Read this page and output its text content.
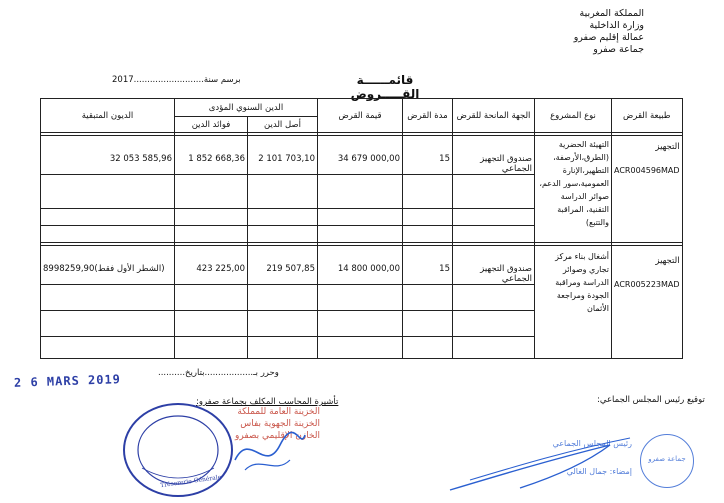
المملكة المغربية
وزارة الداخلية
عمالة إقليم صفرو
جماعة صفرو
برسم سنة..........................2017	قائمــــــة القـــــروض
الديون المتبقية	الدين السنوي المؤدى		قيمة القرض	مدة القرض	الجهة المانحة للقرض	نوع المشروع	طبيعة القرض
	فوائد الدين	أصل الدين					

32 053 585,96	1 852 668,36	2 101 703,10	34 679 000,00	15	صندوق التجهيز الجماعي	التهيئة الحضرية (الطرق،الأرصفة، التطهير،الإنارة العمومية،سور الدعم، صوائر الدراسة التقنية، المراقبة والتتبع)	التجهيز
ACR004596MAD

8998259,90(الشطر الأول فقط)	423 225,00	219 507,85	14 800 000,00	15	صندوق التجهيز الجماعي	أشغال بناء مركز تجاري وصوائر الدراسة ومراقبة الجودة ومراجعة الأثمان	التجهيز
ACR005223MAD

وحرر بـ..................بتاريخ..........
2 6 MARS 2019
تأشيرة المحاسب المكلف بجماعة صفرو:	توقيع رئيس المجلس الجماعي:
Trésorerie Générale
الخزينة العامة للمملكة
الخزينة الجهوية بفاس
الخازن الإقليمي بصفرو
رئيس المجلس الجماعي
إمضاء: جمال الغالي
جماعة صفرو
